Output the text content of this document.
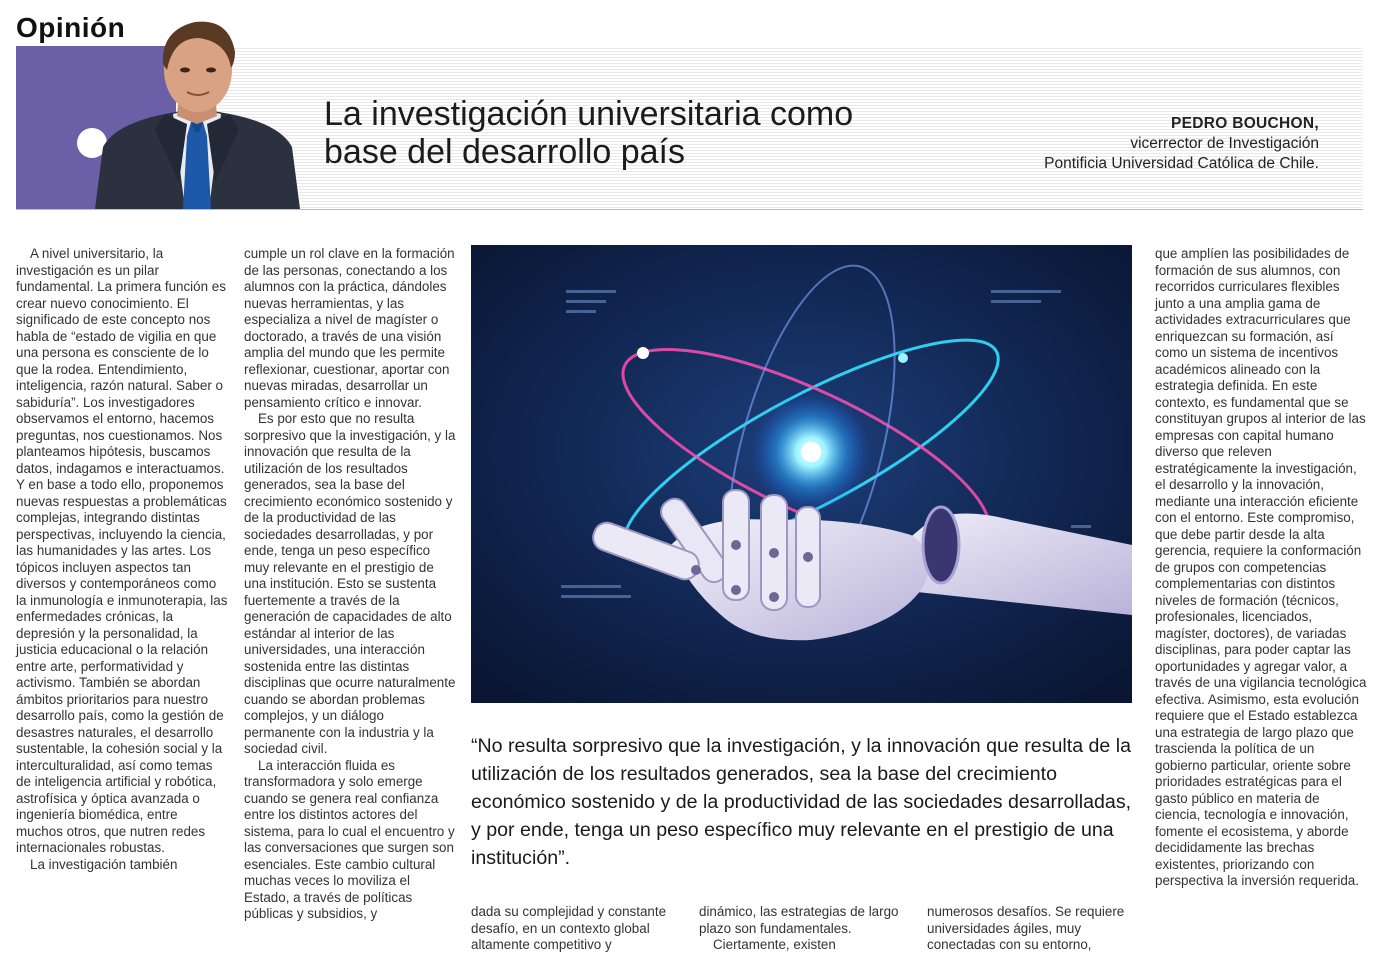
Opinión
La investigación universitaria como
base del desarrollo país
PEDRO BOUCHON,
vicerrector de Investigación
Pontificia Universidad Católica de Chile.

A nivel universitario, la investigación es un pilar fundamental. La primera función es crear nuevo conocimiento. El significado de este concepto nos habla de “estado de vigilia en que una persona es consciente de lo que la rodea. Entendimiento, inteligencia, razón natural. Saber o sabiduría”. Los investigadores observamos el entorno, hacemos preguntas, nos cuestionamos. Nos planteamos hipótesis, buscamos datos, indagamos e interactuamos. Y en base a todo ello, proponemos nuevas respuestas a problemáticas complejas, integrando distintas perspectivas, incluyendo la ciencia, las humanidades y las artes. Los tópicos incluyen aspectos tan diversos y contemporáneos como la inmunología e inmunoterapia, las enfermedades crónicas, la depresión y la personalidad, la justicia educacional o la relación entre arte, performatividad y activismo. También se abordan ámbitos prioritarios para nuestro desarrollo país, como la gestión de desastres naturales, el desarrollo sustentable, la cohesión social y la interculturalidad, así como temas de inteligencia artificial y robótica, astrofísica y óptica avanzada o ingeniería biomédica, entre muchos otros, que nutren redes internacionales robustas.

La investigación también

cumple un rol clave en la formación de las personas, conectando a los alumnos con la práctica, dándoles nuevas herramientas, y las especializa a nivel de magíster o doctorado, a través de una visión amplia del mundo que les permite reflexionar, cuestionar, aportar con nuevas miradas, desarrollar un pensamiento crítico e innovar.

Es por esto que no resulta sorpresivo que la investigación, y la innovación que resulta de la utilización de los resultados generados, sea la base del crecimiento económico sostenido y de la productividad de las sociedades desarrolladas, y por ende, tenga un peso específico muy relevante en el prestigio de una institución. Esto se sustenta fuertemente a través de la generación de capacidades de alto estándar al interior de las universidades, una interacción sostenida entre las distintas disciplinas que ocurre naturalmente cuando se abordan problemas complejos, y un diálogo permanente con la industria y la sociedad civil.

La interacción fluida es transformadora y solo emerge cuando se genera real confianza entre los distintos actores del sistema, para lo cual el encuentro y las conversaciones que surgen son esenciales. Este cambio cultural muchas veces lo moviliza el Estado, a través de políticas públicas y subsidios, y

“No resulta sorpresivo que la investigación, y la innovación que resulta de la utilización de los resultados generados, sea la base del crecimiento económico sostenido y de la productividad de las sociedades desarrolladas, y por ende, tenga un peso específico muy relevante en el prestigio de una institución”.

dada su complejidad y constante desafío, en un contexto global altamente competitivo y

dinámico, las estrategias de largo plazo son fundamentales.

Ciertamente, existen

numerosos desafíos. Se requiere universidades ágiles, muy conectadas con su entorno,

que amplíen las posibilidades de formación de sus alumnos, con recorridos curriculares flexibles junto a una amplia gama de actividades extracurriculares que enriquezcan su formación, así como un sistema de incentivos académicos alineado con la estrategia definida. En este contexto, es fundamental que se constituyan grupos al interior de las empresas con capital humano diverso que releven estratégicamente la investigación, el desarrollo y la innovación, mediante una interacción eficiente con el entorno. Este compromiso, que debe partir desde la alta gerencia, requiere la conformación de grupos con competencias complementarias con distintos niveles de formación (técnicos, profesionales, licenciados, magíster, doctores), de variadas disciplinas, para poder captar las oportunidades y agregar valor, a través de una vigilancia tecnológica efectiva. Asimismo, esta evolución requiere que el Estado establezca una estrategia de largo plazo que trascienda la política de un gobierno particular, oriente sobre prioridades estratégicas para el gasto público en materia de ciencia, tecnología e innovación, fomente el ecosistema, y aborde decididamente las brechas existentes, priorizando con perspectiva la inversión requerida.
